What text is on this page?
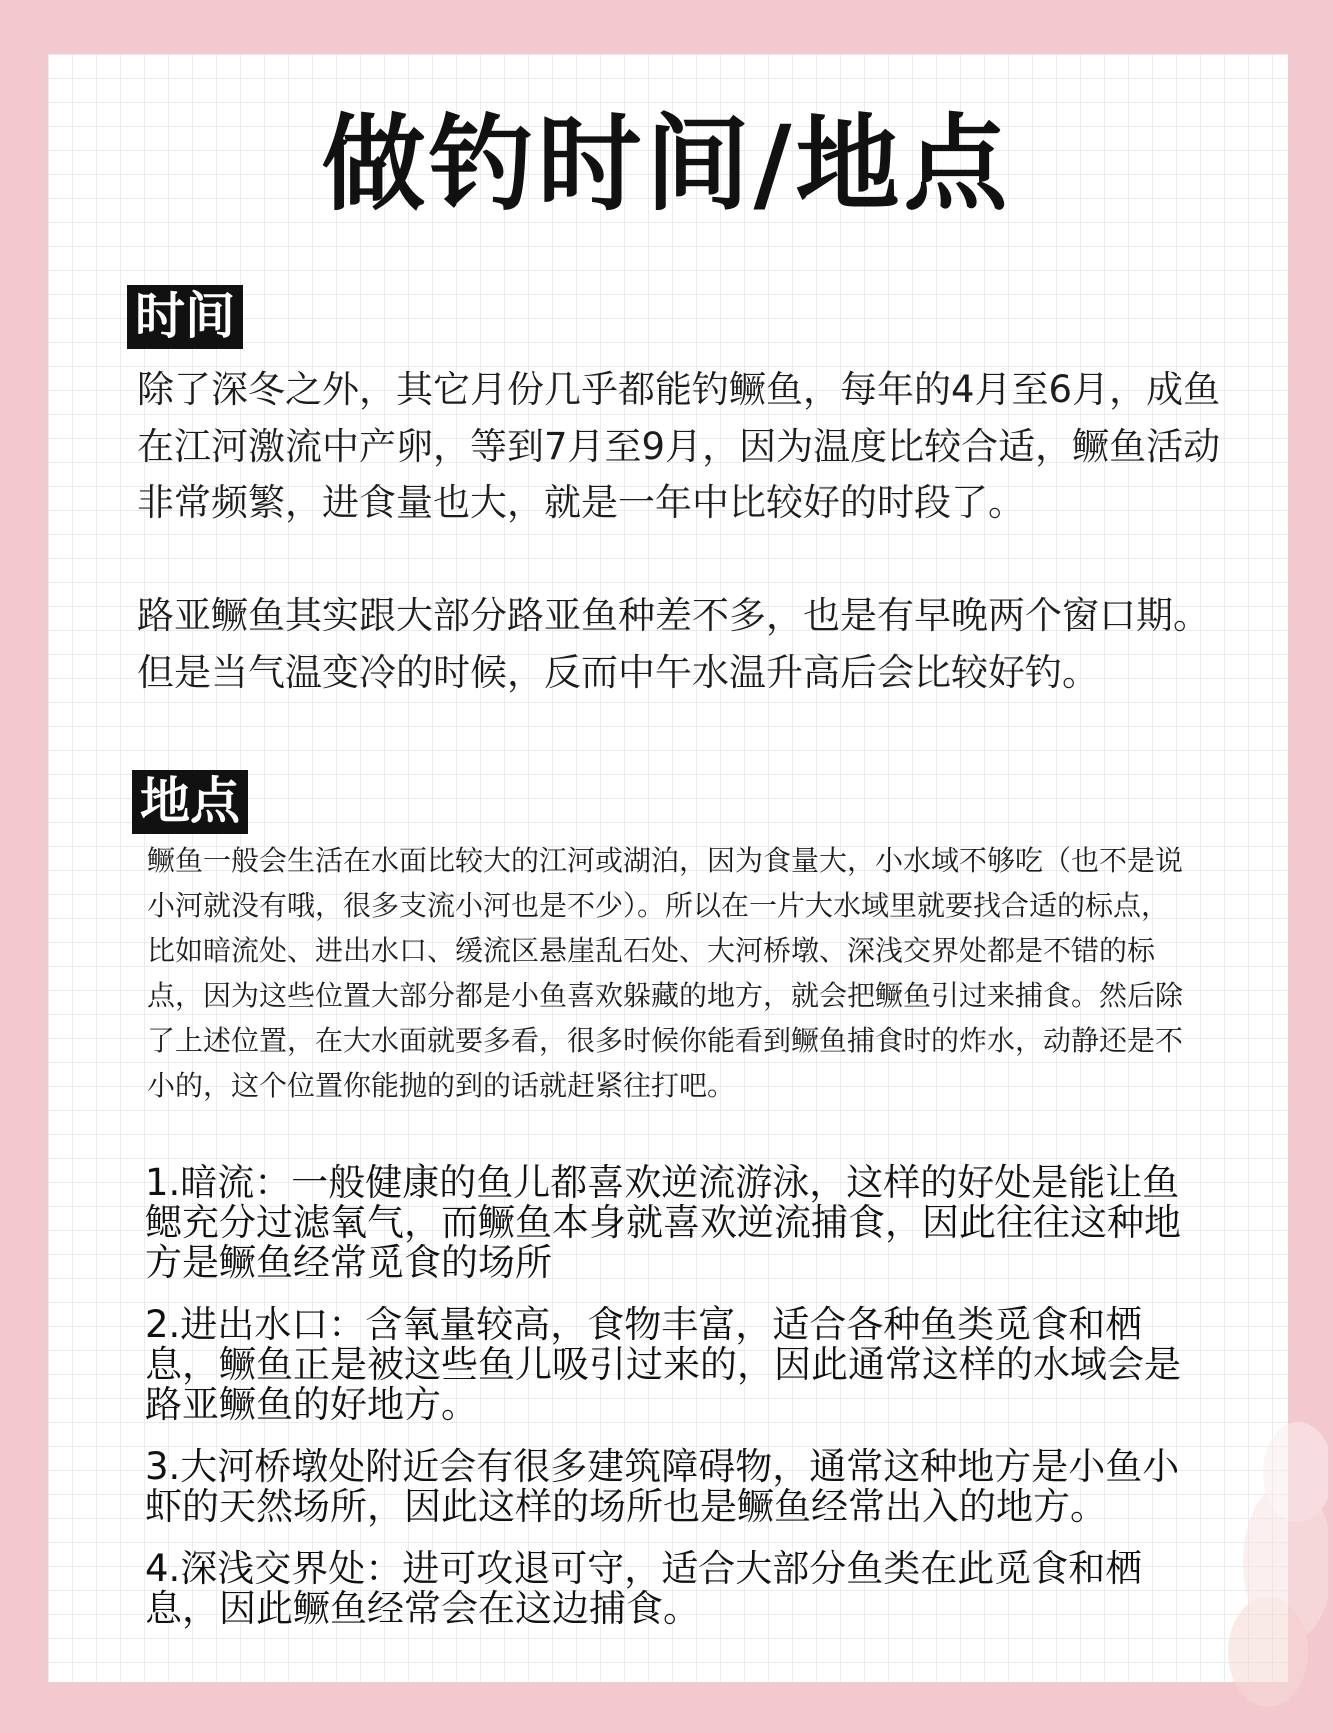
做钓时间/地点
时间

除了深冬之外，其它月份几乎都能钓鳜鱼，每年的4月至6月，成鱼在江河激流中产卵，等到7月至9月，因为温度比较合适，鳜鱼活动非常频繁，进食量也大，就是一年中比较好的时段了。

路亚鳜鱼其实跟大部分路亚鱼种差不多，也是有早晚两个窗口期。但是当气温变冷的时候，反而中午水温升高后会比较好钓。

地点

鳜鱼一般会生活在水面比较大的江河或湖泊，因为食量大，小水域不够吃（也不是说小河就没有哦，很多支流小河也是不少）。所以在一片大水域里就要找合适的标点，比如暗流处、进出水口、缓流区悬崖乱石处、大河桥墩、深浅交界处都是不错的标点，因为这些位置大部分都是小鱼喜欢躲藏的地方，就会把鳜鱼引过来捕食。然后除了上述位置，在大水面就要多看，很多时候你能看到鳜鱼捕食时的炸水，动静还是不小的，这个位置你能抛的到的话就赶紧往打吧。

1.暗流：一般健康的鱼儿都喜欢逆流游泳，这样的好处是能让鱼鳃充分过滤氧气，而鳜鱼本身就喜欢逆流捕食，因此往往这种地方是鳜鱼经常觅食的场所
2.进出水口：含氧量较高，食物丰富，适合各种鱼类觅食和栖息，鳜鱼正是被这些鱼儿吸引过来的，因此通常这样的水域会是路亚鳜鱼的好地方。
3.大河桥墩处附近会有很多建筑障碍物，通常这种地方是小鱼小虾的天然场所，因此这样的场所也是鳜鱼经常出入的地方。
4.深浅交界处：进可攻退可守，适合大部分鱼类在此觅食和栖息，因此鳜鱼经常会在这边捕食。
